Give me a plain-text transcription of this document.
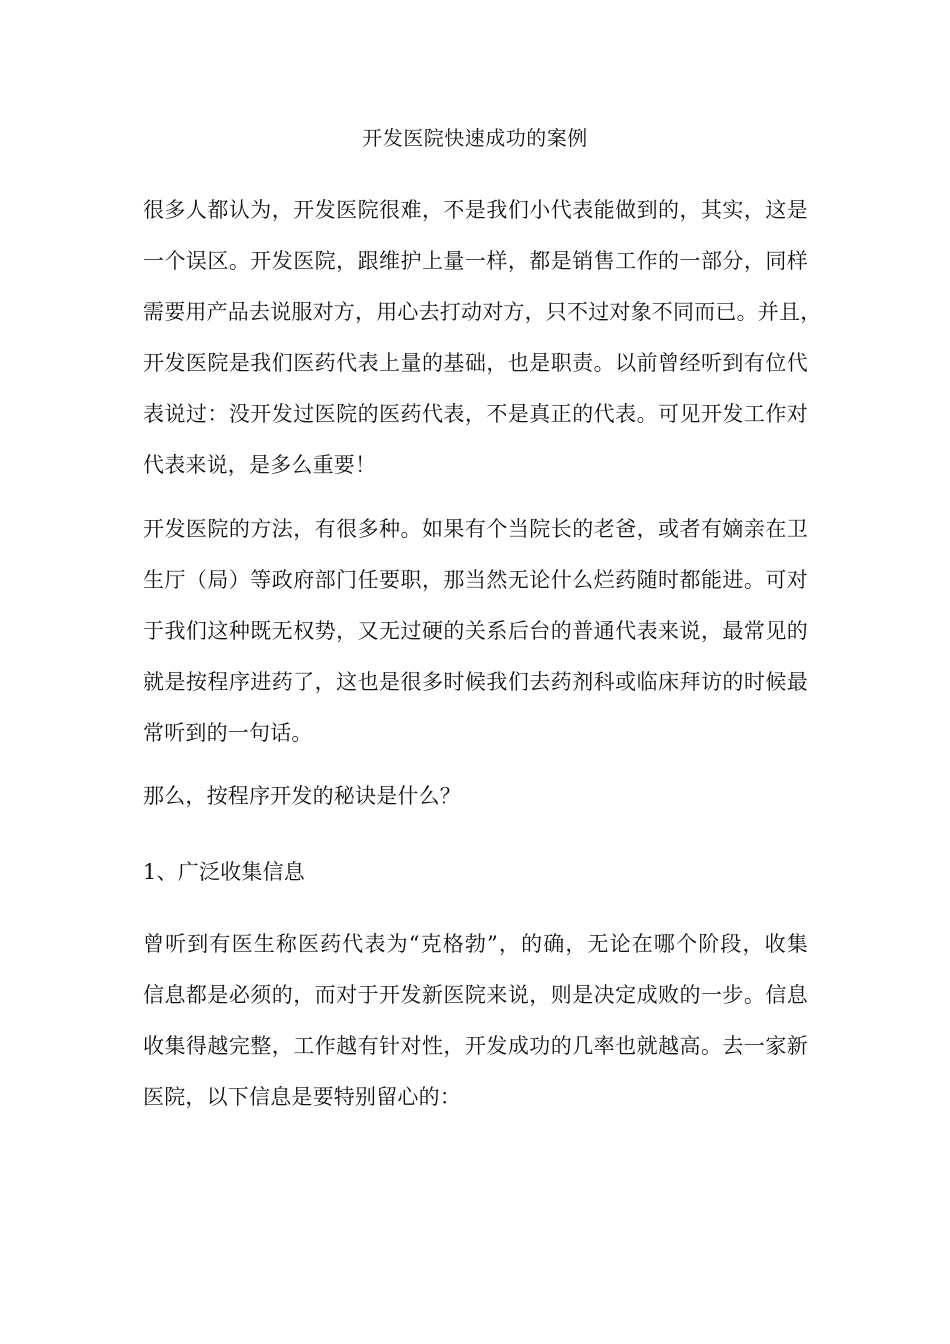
开发医院快速成功的案例
很多人都认为，开发医院很难，不是我们小代表能做到的，其实，这是
一个误区。开发医院，跟维护上量一样，都是销售工作的一部分，同样
需要用产品去说服对方，用心去打动对方，只不过对象不同而已。并且，
开发医院是我们医药代表上量的基础，也是职责。以前曾经听到有位代
表说过：没开发过医院的医药代表，不是真正的代表。可见开发工作对
代表来说，是多么重要！
开发医院的方法，有很多种。如果有个当院长的老爸，或者有嫡亲在卫
生厅（局）等政府部门任要职，那当然无论什么烂药随时都能进。可对
于我们这种既无权势，又无过硬的关系后台的普通代表来说，最常见的
就是按程序进药了，这也是很多时候我们去药剂科或临床拜访的时候最
常听到的一句话。
那么，按程序开发的秘诀是什么？
1、广泛收集信息
曾听到有医生称医药代表为“克格勃”，的确，无论在哪个阶段，收集
信息都是必须的，而对于开发新医院来说，则是决定成败的一步。信息
收集得越完整，工作越有针对性，开发成功的几率也就越高。去一家新
医院，以下信息是要特别留心的：
